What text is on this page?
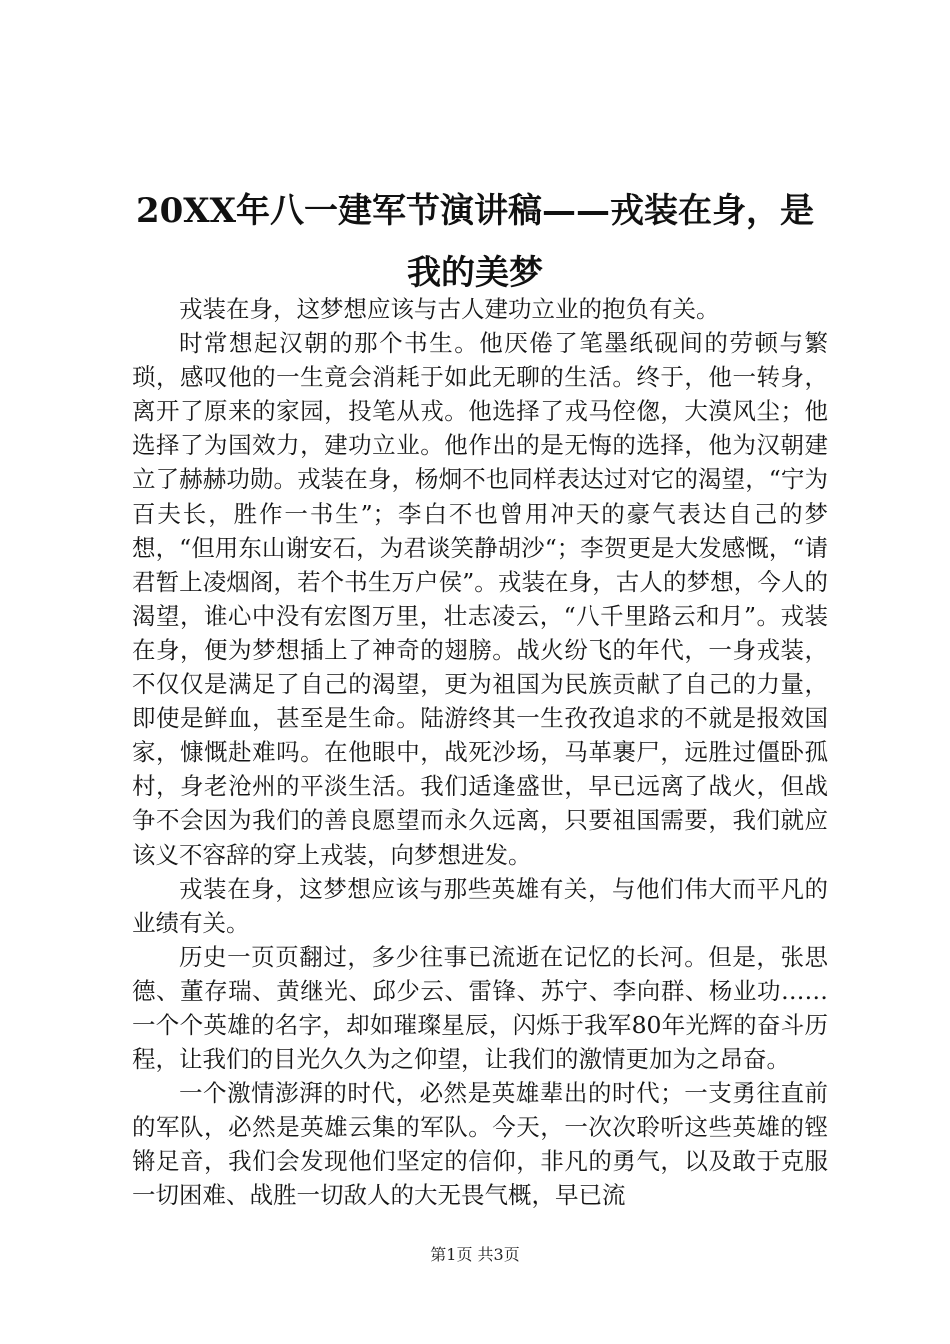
20XX年八一建军节演讲稿——戎装在身，是我的美梦

戎装在身，这梦想应该与古人建功立业的抱负有关。

时常想起汉朝的那个书生。他厌倦了笔墨纸砚间的劳顿与繁琐，感叹他的一生竟会消耗于如此无聊的生活。终于，他一转身，离开了原来的家园，投笔从戎。他选择了戎马倥偬，大漠风尘；他选择了为国效力，建功立业。他作出的是无悔的选择，他为汉朝建立了赫赫功勋。戎装在身，杨炯不也同样表达过对它的渴望，“宁为百夫长，胜作一书生”；李白不也曾用冲天的豪气表达自己的梦想，“但用东山谢安石，为君谈笑静胡沙“；李贺更是大发感慨，“请君暂上凌烟阁，若个书生万户侯”。戎装在身，古人的梦想，今人的渴望，谁心中没有宏图万里，壮志凌云，“八千里路云和月”。戎装在身，便为梦想插上了神奇的翅膀。战火纷飞的年代，一身戎装，不仅仅是满足了自己的渴望，更为祖国为民族贡献了自己的力量，即使是鲜血，甚至是生命。陆游终其一生孜孜追求的不就是报效国家，慷慨赴难吗。在他眼中，战死沙场，马革裹尸，远胜过僵卧孤村，身老沧州的平淡生活。我们适逢盛世，早已远离了战火，但战争不会因为我们的善良愿望而永久远离，只要祖国需要，我们就应该义不容辞的穿上戎装，向梦想进发。

戎装在身，这梦想应该与那些英雄有关，与他们伟大而平凡的业绩有关。

历史一页页翻过，多少往事已流逝在记忆的长河。但是，张思德、董存瑞、黄继光、邱少云、雷锋、苏宁、李向群、杨业功……一个个英雄的名字，却如璀璨星辰，闪烁于我军80年光辉的奋斗历程，让我们的目光久久为之仰望，让我们的激情更加为之昂奋。

一个激情澎湃的时代，必然是英雄辈出的时代；一支勇往直前的军队，必然是英雄云集的军队。今天，一次次聆听这些英雄的铿锵足音，我们会发现他们坚定的信仰，非凡的勇气，以及敢于克服一切困难、战胜一切敌人的大无畏气概，早已流

第1页 共3页
